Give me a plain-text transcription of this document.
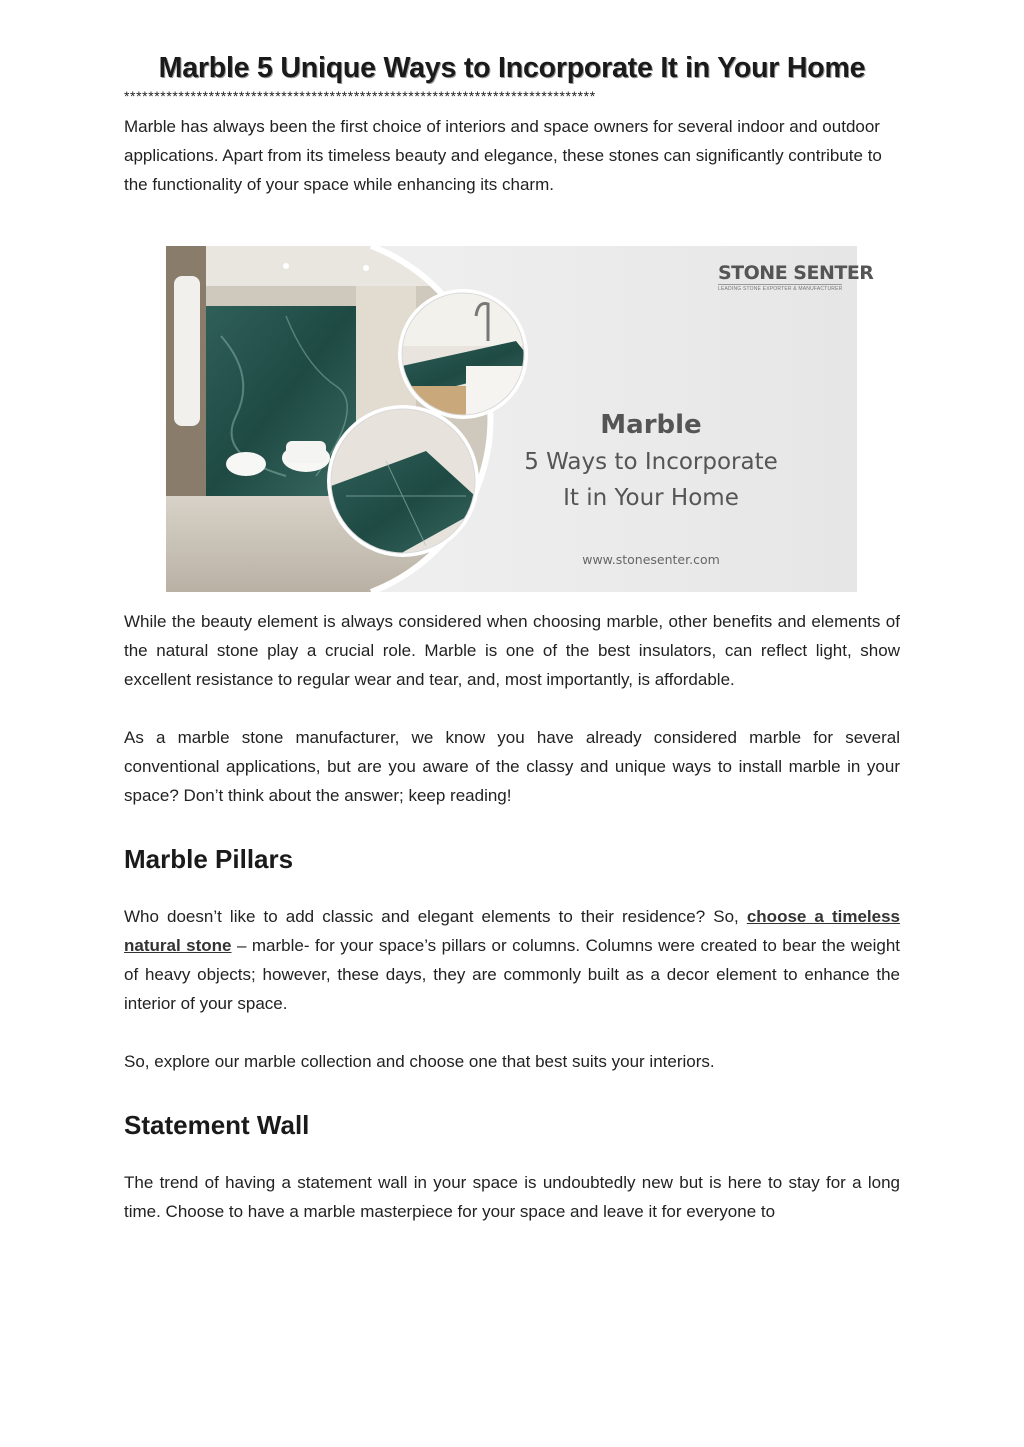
Marble 5 Unique Ways to Incorporate It in Your Home
******************************************************************************

Marble has always been the first choice of interiors and space owners for several indoor and outdoor applications. Apart from its timeless beauty and elegance, these stones can significantly contribute to the functionality of your space while enhancing its charm.

STONE SENTER
LEADING STONE EXPORTER & MANUFACTURER
Marble
5 Ways to Incorporate
It in Your Home
www.stonesenter.com

While the beauty element is always considered when choosing marble, other benefits and elements of the natural stone play a crucial role. Marble is one of the best insulators, can reflect light, show excellent resistance to regular wear and tear, and, most importantly, is affordable.

As a marble stone manufacturer, we know you have already considered marble for several conventional applications, but are you aware of the classy and unique ways to install marble in your space? Don’t think about the answer; keep reading!

Marble Pillars

Who doesn’t like to add classic and elegant elements to their residence? So, choose a timeless natural stone – marble- for your space’s pillars or columns. Columns were created to bear the weight of heavy objects; however, these days, they are commonly built as a decor element to enhance the interior of your space.

So, explore our marble collection and choose one that best suits your interiors.

Statement Wall

The trend of having a statement wall in your space is undoubtedly new but is here to stay for a long time. Choose to have a marble masterpiece for your space and leave it for everyone to
